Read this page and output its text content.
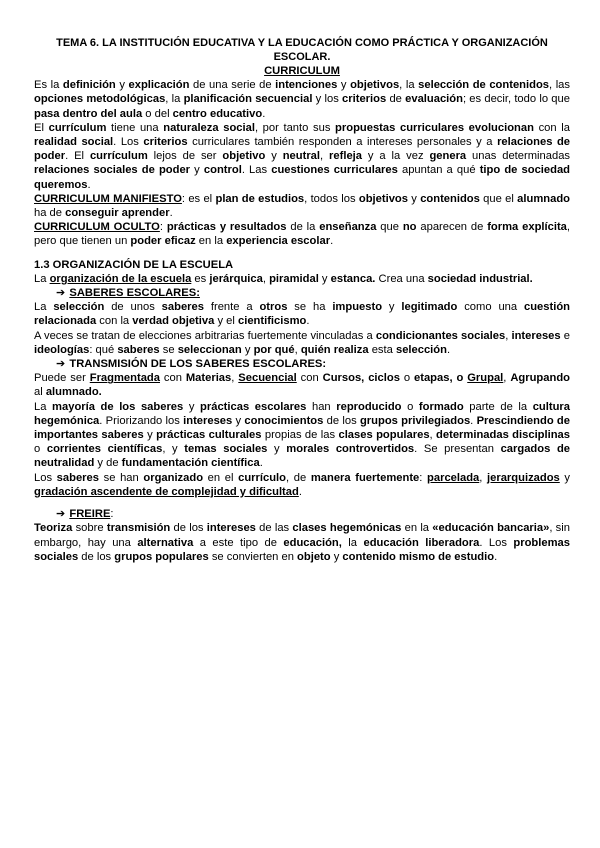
TEMA 6. LA INSTITUCIÓN EDUCATIVA Y LA EDUCACIÓN COMO PRÁCTICA Y ORGANIZACIÓN ESCOLAR.

CURRICULUM

Es la definición y explicación de una serie de intenciones y objetivos, la selección de contenidos, las opciones metodológicas, la planificación secuencial y los criterios de evaluación; es decir, todo lo que pasa dentro del aula o del centro educativo.

El currículum tiene una naturaleza social, por tanto sus propuestas curriculares evolucionan con la realidad social. Los criterios curriculares también responden a intereses personales y a relaciones de poder. El currículum lejos de ser objetivo y neutral, refleja y a la vez genera unas determinadas relaciones sociales de poder y control. Las cuestiones curriculares apuntan a qué tipo de sociedad queremos.

CURRICULUM MANIFIESTO: es el plan de estudios, todos los objetivos y contenidos que el alumnado ha de conseguir aprender.

CURRICULUM OCULTO: prácticas y resultados de la enseñanza que no aparecen de forma explícita, pero que tienen un poder eficaz en la experiencia escolar.

1.3 ORGANIZACIÓN DE LA ESCUELA

La organización de la escuela es jerárquica, piramidal y estanca. Crea una sociedad industrial.

➔ SABERES ESCOLARES:

La selección de unos saberes frente a otros se ha impuesto y legitimado como una cuestión relacionada con la verdad objetiva y el cientificismo.

A veces se tratan de elecciones arbitrarias fuertemente vinculadas a condicionantes sociales, intereses e ideologías: qué saberes se seleccionan y por qué, quién realiza esta selección.

➔ TRANSMISIÓN DE LOS SABERES ESCOLARES:

Puede ser Fragmentada con Materias, Secuencial con Cursos, ciclos o etapas, o Grupal, Agrupando al alumnado.

La mayoría de los saberes y prácticas escolares han reproducido o formado parte de la cultura hegemónica. Priorizando los intereses y conocimientos de los grupos privilegiados. Prescindiendo de importantes saberes y prácticas culturales propias de las clases populares, determinadas disciplinas o corrientes científicas, y temas sociales y morales controvertidos. Se presentan cargados de neutralidad y de fundamentación científica.

Los saberes se han organizado en el currículo, de manera fuertemente: parcelada, jerarquizados y gradación ascendente de complejidad y dificultad.

➔ FREIRE:

Teoriza sobre transmisión de los intereses de las clases hegemónicas en la «educación bancaria», sin embargo, hay una alternativa a este tipo de educación, la educación liberadora. Los problemas sociales de los grupos populares se convierten en objeto y contenido mismo de estudio.
